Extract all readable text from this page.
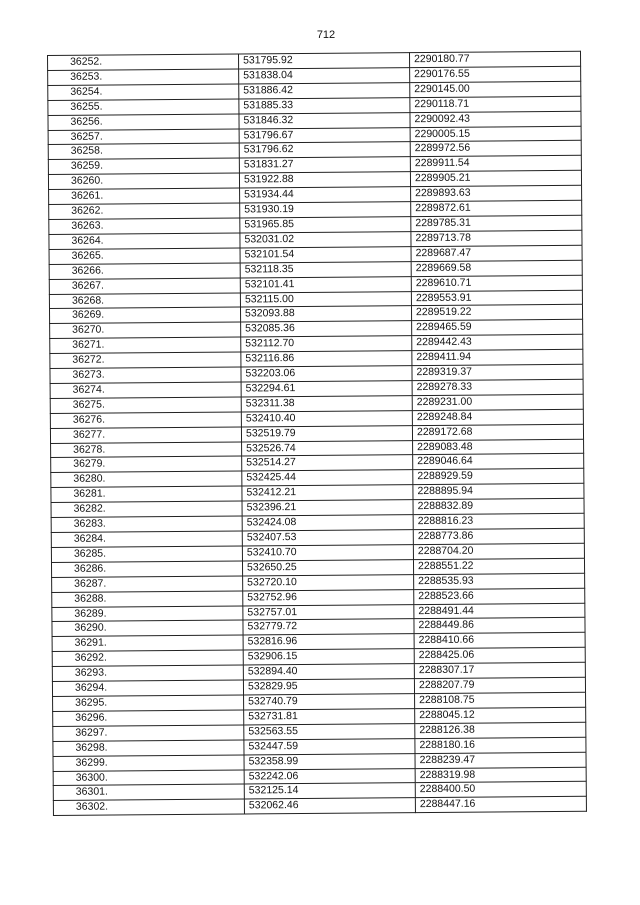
712
36252.	531795.92	2290180.77
36253.	531838.04	2290176.55
36254.	531886.42	2290145.00
36255.	531885.33	2290118.71
36256.	531846.32	2290092.43
36257.	531796.67	2290005.15
36258.	531796.62	2289972.56
36259.	531831.27	2289911.54
36260.	531922.88	2289905.21
36261.	531934.44	2289893.63
36262.	531930.19	2289872.61
36263.	531965.85	2289785.31
36264.	532031.02	2289713.78
36265.	532101.54	2289687.47
36266.	532118.35	2289669.58
36267.	532101.41	2289610.71
36268.	532115.00	2289553.91
36269.	532093.88	2289519.22
36270.	532085.36	2289465.59
36271.	532112.70	2289442.43
36272.	532116.86	2289411.94
36273.	532203.06	2289319.37
36274.	532294.61	2289278.33
36275.	532311.38	2289231.00
36276.	532410.40	2289248.84
36277.	532519.79	2289172.68
36278.	532526.74	2289083.48
36279.	532514.27	2289046.64
36280.	532425.44	2288929.59
36281.	532412.21	2288895.94
36282.	532396.21	2288832.89
36283.	532424.08	2288816.23
36284.	532407.53	2288773.86
36285.	532410.70	2288704.20
36286.	532650.25	2288551.22
36287.	532720.10	2288535.93
36288.	532752.96	2288523.66
36289.	532757.01	2288491.44
36290.	532779.72	2288449.86
36291.	532816.96	2288410.66
36292.	532906.15	2288425.06
36293.	532894.40	2288307.17
36294.	532829.95	2288207.79
36295.	532740.79	2288108.75
36296.	532731.81	2288045.12
36297.	532563.55	2288126.38
36298.	532447.59	2288180.16
36299.	532358.99	2288239.47
36300.	532242.06	2288319.98
36301.	532125.14	2288400.50
36302.	532062.46	2288447.16
